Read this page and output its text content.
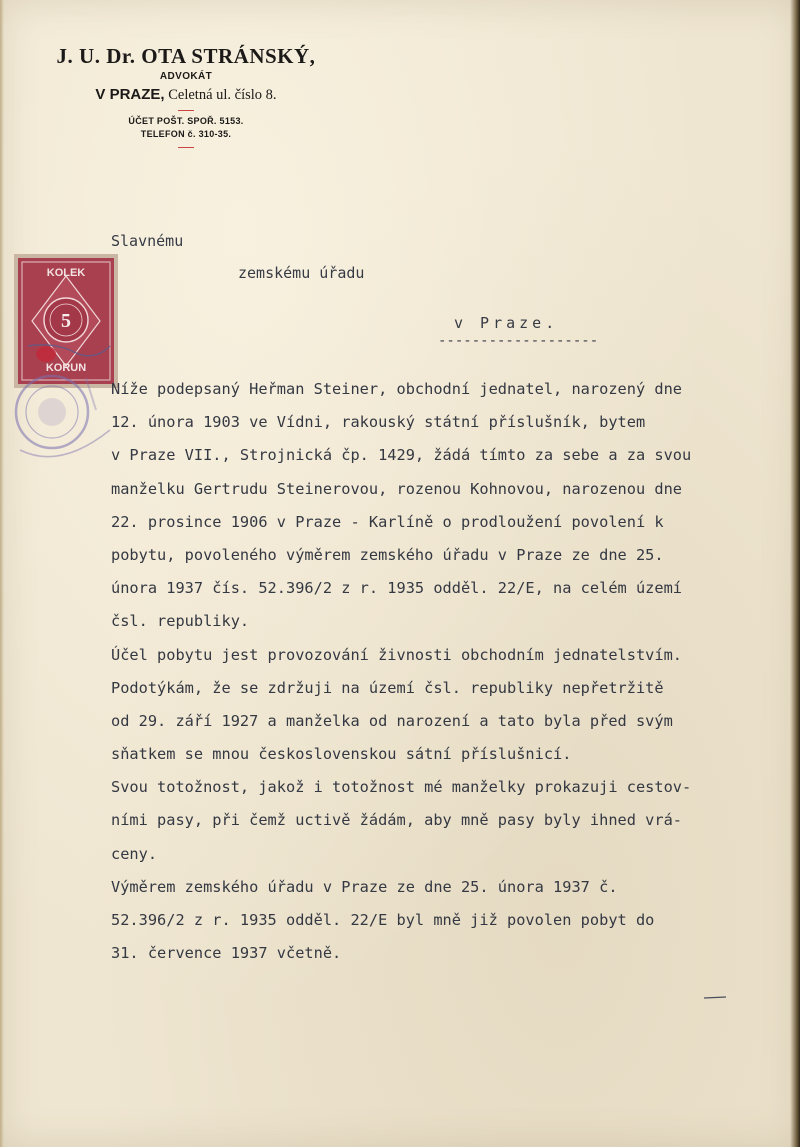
J. U. Dr. OTA STRÁNSKÝ,
ADVOKÁT
V PRAZE, Celetná ul. číslo 8.
ÚČET POŠT. SPOŘ. 5153.
TELEFON č. 310-35.
Slavnému
zemskému úřadu
v Praze.
-------------------
KOLEK
5
KORUN
Níže podepsaný Heřman Steiner, obchodní jednatel, narozený dne
12. února 1903 ve Vídni, rakouský státní příslušník, bytem
v Praze VII., Strojnická čp. 1429, žádá tímto za sebe a za svou
manželku Gertrudu Steinerovou, rozenou Kohnovou, narozenou dne
22. prosince 1906 v Praze - Karlíně o prodloužení povolení k
pobytu, povoleného výměrem zemského úřadu v Praze ze dne 25.
února 1937 čís. 52.396/2 z r. 1935 odděl. 22/E, na celém území
čsl. republiky.
Účel pobytu jest provozování živnosti obchodním jednatelstvím.
Podotýkám, že se zdržuji na území čsl. republiky nepřetržitě
od 29. září 1927 a manželka od narození a tato byla před svým
sňatkem se mnou československou sátní příslušnicí.
Svou totožnost, jakož i totožnost mé manželky prokazuji cestov-
ními pasy, při čemž uctivě žádám, aby mně pasy byly ihned vrá-
ceny.
Výměrem zemského úřadu v Praze ze dne 25. února 1937 č.
52.396/2 z r. 1935 odděl. 22/E byl mně již povolen pobyt do
31. července 1937 včetně.
